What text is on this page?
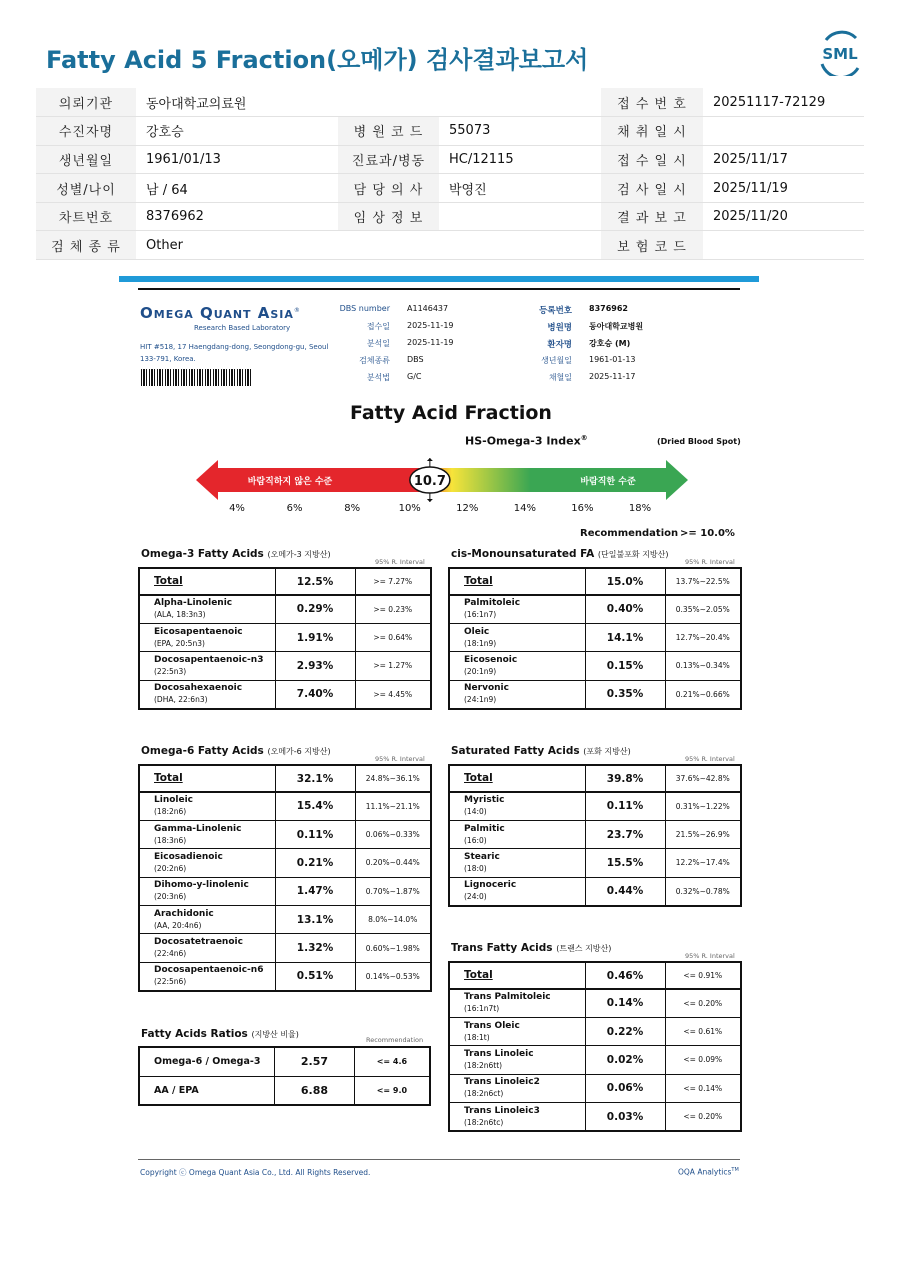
Fatty Acid 5 Fraction(오메가) 검사결과보고서	SML
의뢰기관	동아대학교의료원			접 수 번 호	20251117-72129
수진자명	강호승	병 원 코 드	55073	채 취 일 시	
생년월일	1961/01/13	진료과/병동	HC/12115	접 수 일 시	2025/11/17
성별/나이	남 / 64	담 당 의 사	박영진	검 사 일 시	2025/11/19
차트번호	8376962	임 상 정 보		결 과 보 고	2025/11/20
검 체 종 류	Other			보 험 코 드	
Omega Quant Asia®
Research Based Laboratory
HIT #518, 17 Haengdang-dong, Seongdong-gu, Seoul 133-791, Korea.
DBS number A1146437
접수일 2025-11-19
분석일 2025-11-19
검체종류 DBS
분석법 G/C
등록번호 8376962
병원명 동아대학교병원
환자명 강호승 (M)
생년월일 1961-01-13
채혈일 2025-11-17
Fatty Acid Fraction
HS-Omega-3 Index®	(Dried Blood Spot)
바람직하지 않은 수준	바람직한 수준
10.7
4%	6%	8%	10%	12%	14%	16%	18%
Recommendation >= 10.0%
Omega-3 Fatty Acids (오메가-3 지방산)
95% R. Interval
Total	12.5%	>= 7.27%
Alpha-Linolenic
(ALA, 18:3n3)	0.29%	>= 0.23%
Eicosapentaenoic
(EPA, 20:5n3)	1.91%	>= 0.64%
Docosapentaenoic-n3
(22:5n3)	2.93%	>= 1.27%
Docosahexaenoic
(DHA, 22:6n3)	7.40%	>= 4.45%
cis-Monounsaturated FA (단일불포화 지방산)
95% R. Interval
Total	15.0%	13.7%~22.5%
Palmitoleic
(16:1n7)	0.40%	0.35%~2.05%
Oleic
(18:1n9)	14.1%	12.7%~20.4%
Eicosenoic
(20:1n9)	0.15%	0.13%~0.34%
Nervonic
(24:1n9)	0.35%	0.21%~0.66%
Omega-6 Fatty Acids (오메가-6 지방산)
95% R. Interval
Total	32.1%	24.8%~36.1%
Linoleic
(18:2n6)	15.4%	11.1%~21.1%
Gamma-Linolenic
(18:3n6)	0.11%	0.06%~0.33%
Eicosadienoic
(20:2n6)	0.21%	0.20%~0.44%
Dihomo-y-linolenic
(20:3n6)	1.47%	0.70%~1.87%
Arachidonic
(AA, 20:4n6)	13.1%	8.0%~14.0%
Docosatetraenoic
(22:4n6)	1.32%	0.60%~1.98%
Docosapentaenoic-n6
(22:5n6)	0.51%	0.14%~0.53%
Saturated Fatty Acids (포화 지방산)
95% R. Interval
Total	39.8%	37.6%~42.8%
Myristic
(14:0)	0.11%	0.31%~1.22%
Palmitic
(16:0)	23.7%	21.5%~26.9%
Stearic
(18:0)	15.5%	12.2%~17.4%
Lignoceric
(24:0)	0.44%	0.32%~0.78%
Trans Fatty Acids (트랜스 지방산)
95% R. Interval
Total	0.46%	<= 0.91%
Trans Palmitoleic
(16:1n7t)	0.14%	<= 0.20%
Trans Oleic
(18:1t)	0.22%	<= 0.61%
Trans Linoleic
(18:2n6tt)	0.02%	<= 0.09%
Trans Linoleic2
(18:2n6ct)	0.06%	<= 0.14%
Trans Linoleic3
(18:2n6tc)	0.03%	<= 0.20%
Fatty Acids Ratios (지방산 비율)
Recommendation
Omega-6 / Omega-3	2.57	<= 4.6
AA / EPA	6.88	<= 9.0
Copyright ⓒ Omega Quant Asia Co., Ltd. All Rights Reserved.	OQA Analytics™
